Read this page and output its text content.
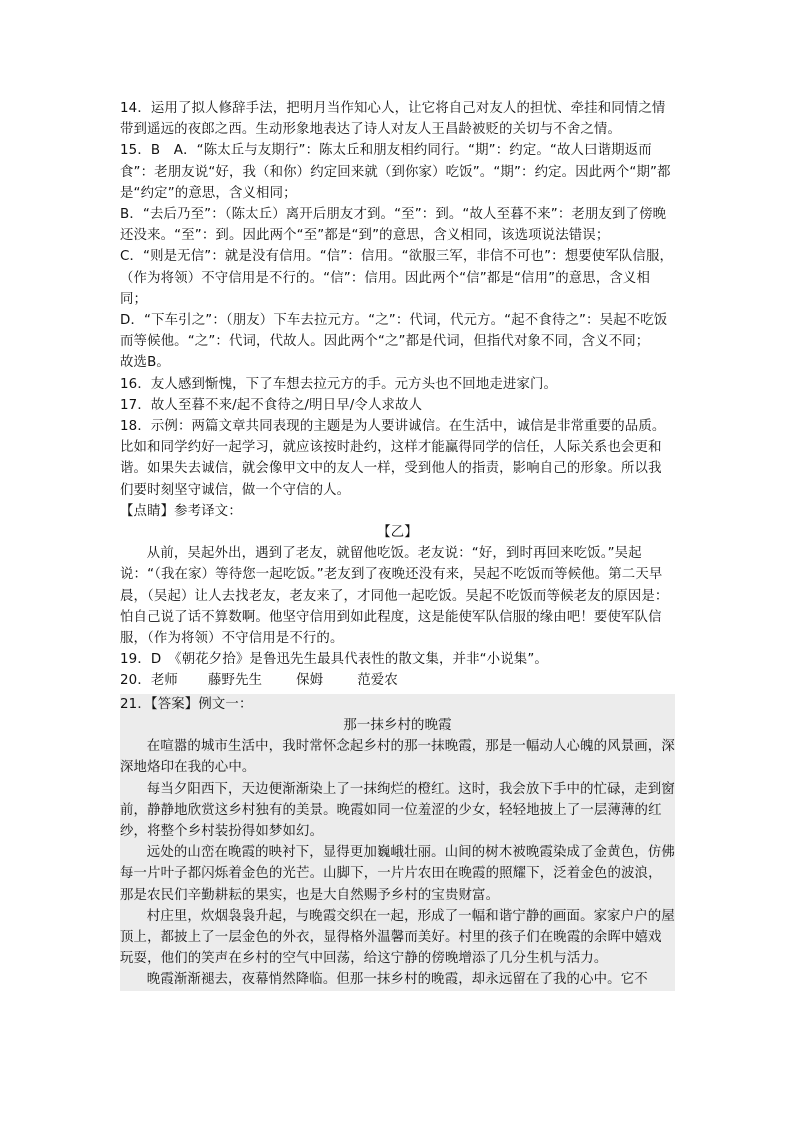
14．运用了拟人修辞手法，把明月当作知心人，让它将自己对友人的担忧、牵挂和同情之情带到遥远的夜郎之西。生动形象地表达了诗人对友人王昌龄被贬的关切与不舍之情。

15．B　A．“陈太丘与友期行”：陈太丘和朋友相约同行。“期”：约定。“故人曰谐期返而食”：老朋友说“好，我（和你）约定回来就（到你家）吃饭”。“期”：约定。因此两个“期”都是“约定”的意思，含义相同；

B．“去后乃至”：（陈太丘）离开后朋友才到。“至”：到。“故人至暮不来”：老朋友到了傍晚还没来。“至”：到。因此两个“至”都是“到”的意思，含义相同，该选项说法错误；

C．“则是无信”：就是没有信用。“信”：信用。“欲服三军，非信不可也”：想要使军队信服，（作为将领）不守信用是不行的。“信”：信用。因此两个“信”都是“信用”的意思，含义相同；

D．“下车引之”：（朋友）下车去拉元方。“之”：代词，代元方。“起不食待之”：吴起不吃饭而等候他。“之”：代词，代故人。因此两个“之”都是代词，但指代对象不同，含义不同；

故选B。

16．友人感到惭愧，下了车想去拉元方的手。元方头也不回地走进家门。

17．故人至暮不来/起不食待之/明日早/令人求故人

18．示例：两篇文章共同表现的主题是为人要讲诚信。在生活中，诚信是非常重要的品质。比如和同学约好一起学习，就应该按时赴约，这样才能赢得同学的信任，人际关系也会更和谐。如果失去诚信，就会像甲文中的友人一样，受到他人的指责，影响自己的形象。所以我们要时刻坚守诚信，做一个守信的人。

【点睛】参考译文：

【乙】

从前，吴起外出，遇到了老友，就留他吃饭。老友说：“好，到时再回来吃饭。”吴起说：“（我在家）等待您一起吃饭。”老友到了夜晚还没有来，吴起不吃饭而等候他。第二天早晨，（吴起）让人去找老友，老友来了，才同他一起吃饭。吴起不吃饭而等候老友的原因是：怕自己说了话不算数啊。他坚守信用到如此程度，这是能使军队信服的缘由吧！要使军队信服，（作为将领）不守信用是不行的。

19．D　《朝花夕拾》是鲁迅先生最具代表性的散文集，并非“小说集”。

20．老师 藤野先生	保姆	范爱农

21．【答案】例文一：

那一抹乡村的晚霞

在喧嚣的城市生活中，我时常怀念起乡村的那一抹晚霞，那是一幅动人心魄的风景画，深深地烙印在我的心中。

每当夕阳西下，天边便渐渐染上了一抹绚烂的橙红。这时，我会放下手中的忙碌，走到窗前，静静地欣赏这乡村独有的美景。晚霞如同一位羞涩的少女，轻轻地披上了一层薄薄的红纱，将整个乡村装扮得如梦如幻。

远处的山峦在晚霞的映衬下，显得更加巍峨壮丽。山间的树木被晚霞染成了金黄色，仿佛每一片叶子都闪烁着金色的光芒。山脚下，一片片农田在晚霞的照耀下，泛着金色的波浪，那是农民们辛勤耕耘的果实，也是大自然赐予乡村的宝贵财富。

村庄里，炊烟袅袅升起，与晚霞交织在一起，形成了一幅和谐宁静的画面。家家户户的屋顶上，都披上了一层金色的外衣，显得格外温馨而美好。村里的孩子们在晚霞的余晖中嬉戏玩耍，他们的笑声在乡村的空气中回荡，给这宁静的傍晚增添了几分生机与活力。

晚霞渐渐褪去，夜幕悄然降临。但那一抹乡村的晚霞，却永远留在了我的心中。它不
